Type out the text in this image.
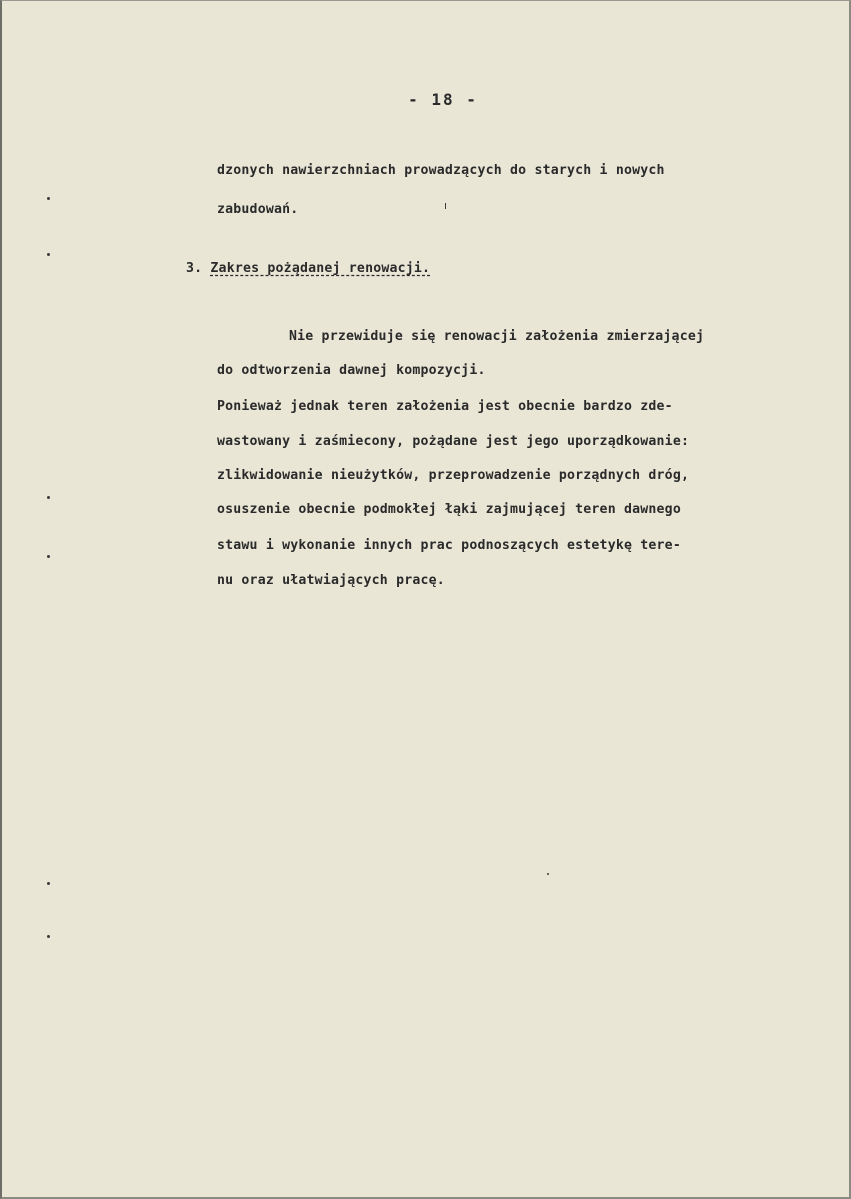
- 18 -
dzonych nawierzchniach prowadzących do starych i nowych
zabudowań.
3. Zakres pożądanej renowacji.
Nie przewiduje się renowacji założenia zmierzającej
do odtworzenia dawnej kompozycji.
Ponieważ jednak teren założenia jest obecnie bardzo zde-
wastowany i zaśmiecony, pożądane jest jego uporządkowanie:
zlikwidowanie nieużytków, przeprowadzenie porządnych dróg,
osuszenie obecnie podmokłej łąki zajmującej teren dawnego
stawu i wykonanie innych prac podnoszących estetykę tere-
nu oraz ułatwiających pracę.
